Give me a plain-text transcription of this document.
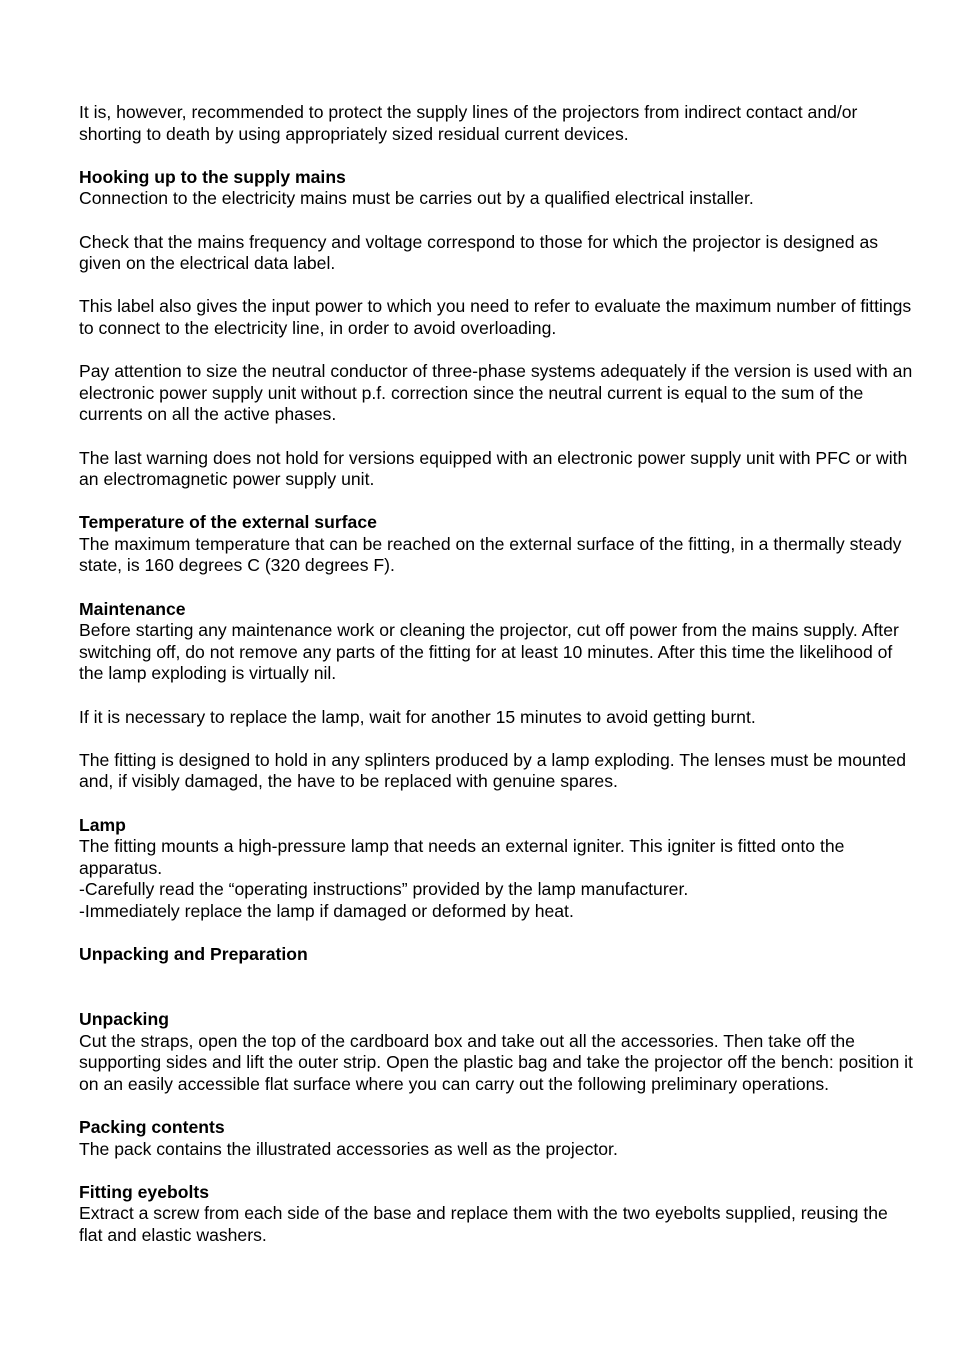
It is, however, recommended to protect the supply lines of the projectors from indirect contact and/or shorting to death by using appropriately sized residual current devices.

Hooking up to the supply mains

Connection to the electricity mains must be carries out by a qualified electrical installer.

Check that the mains frequency and voltage correspond to those for which the projector is designed as given on the electrical data label.

This label also gives the input power to which you need to refer to evaluate the maximum number of fittings to connect to the electricity line, in order to avoid overloading.

Pay attention to size the neutral conductor of three-phase systems adequately if the version is used with an electronic power supply unit without p.f. correction since the neutral current is equal to the sum of the currents on all the active phases.

The last warning does not hold for versions equipped with an electronic power supply unit with PFC or with an electromagnetic power supply unit.

Temperature of the external surface

The maximum temperature that can be reached on the external surface of the fitting, in a thermally steady state, is 160 degrees C (320 degrees F).

Maintenance

Before starting any maintenance work or cleaning the projector, cut off power from the mains supply. After switching off, do not remove any parts of the fitting for at least 10 minutes. After this time the likelihood of the lamp exploding is virtually nil.

If it is necessary to replace the lamp, wait for another 15 minutes to avoid getting burnt.

The fitting is designed to hold in any splinters produced by a lamp exploding. The lenses must be mounted and, if visibly damaged, the have to be replaced with genuine spares.

Lamp

The fitting mounts a high-pressure lamp that needs an external igniter. This igniter is fitted onto the apparatus.

-Carefully read the “operating instructions” provided by the lamp manufacturer.

-Immediately replace the lamp if damaged or deformed by heat.

Unpacking and Preparation

Unpacking

Cut the straps, open the top of the cardboard box and take out all the accessories. Then take off the supporting sides and lift the outer strip. Open the plastic bag and take the projector off the bench: position it on an easily accessible flat surface where you can carry out the following preliminary operations.

Packing contents

The pack contains the illustrated accessories as well as the projector.

Fitting eyebolts

Extract a screw from each side of the base and replace them with the two eyebolts supplied, reusing the flat and elastic washers.
